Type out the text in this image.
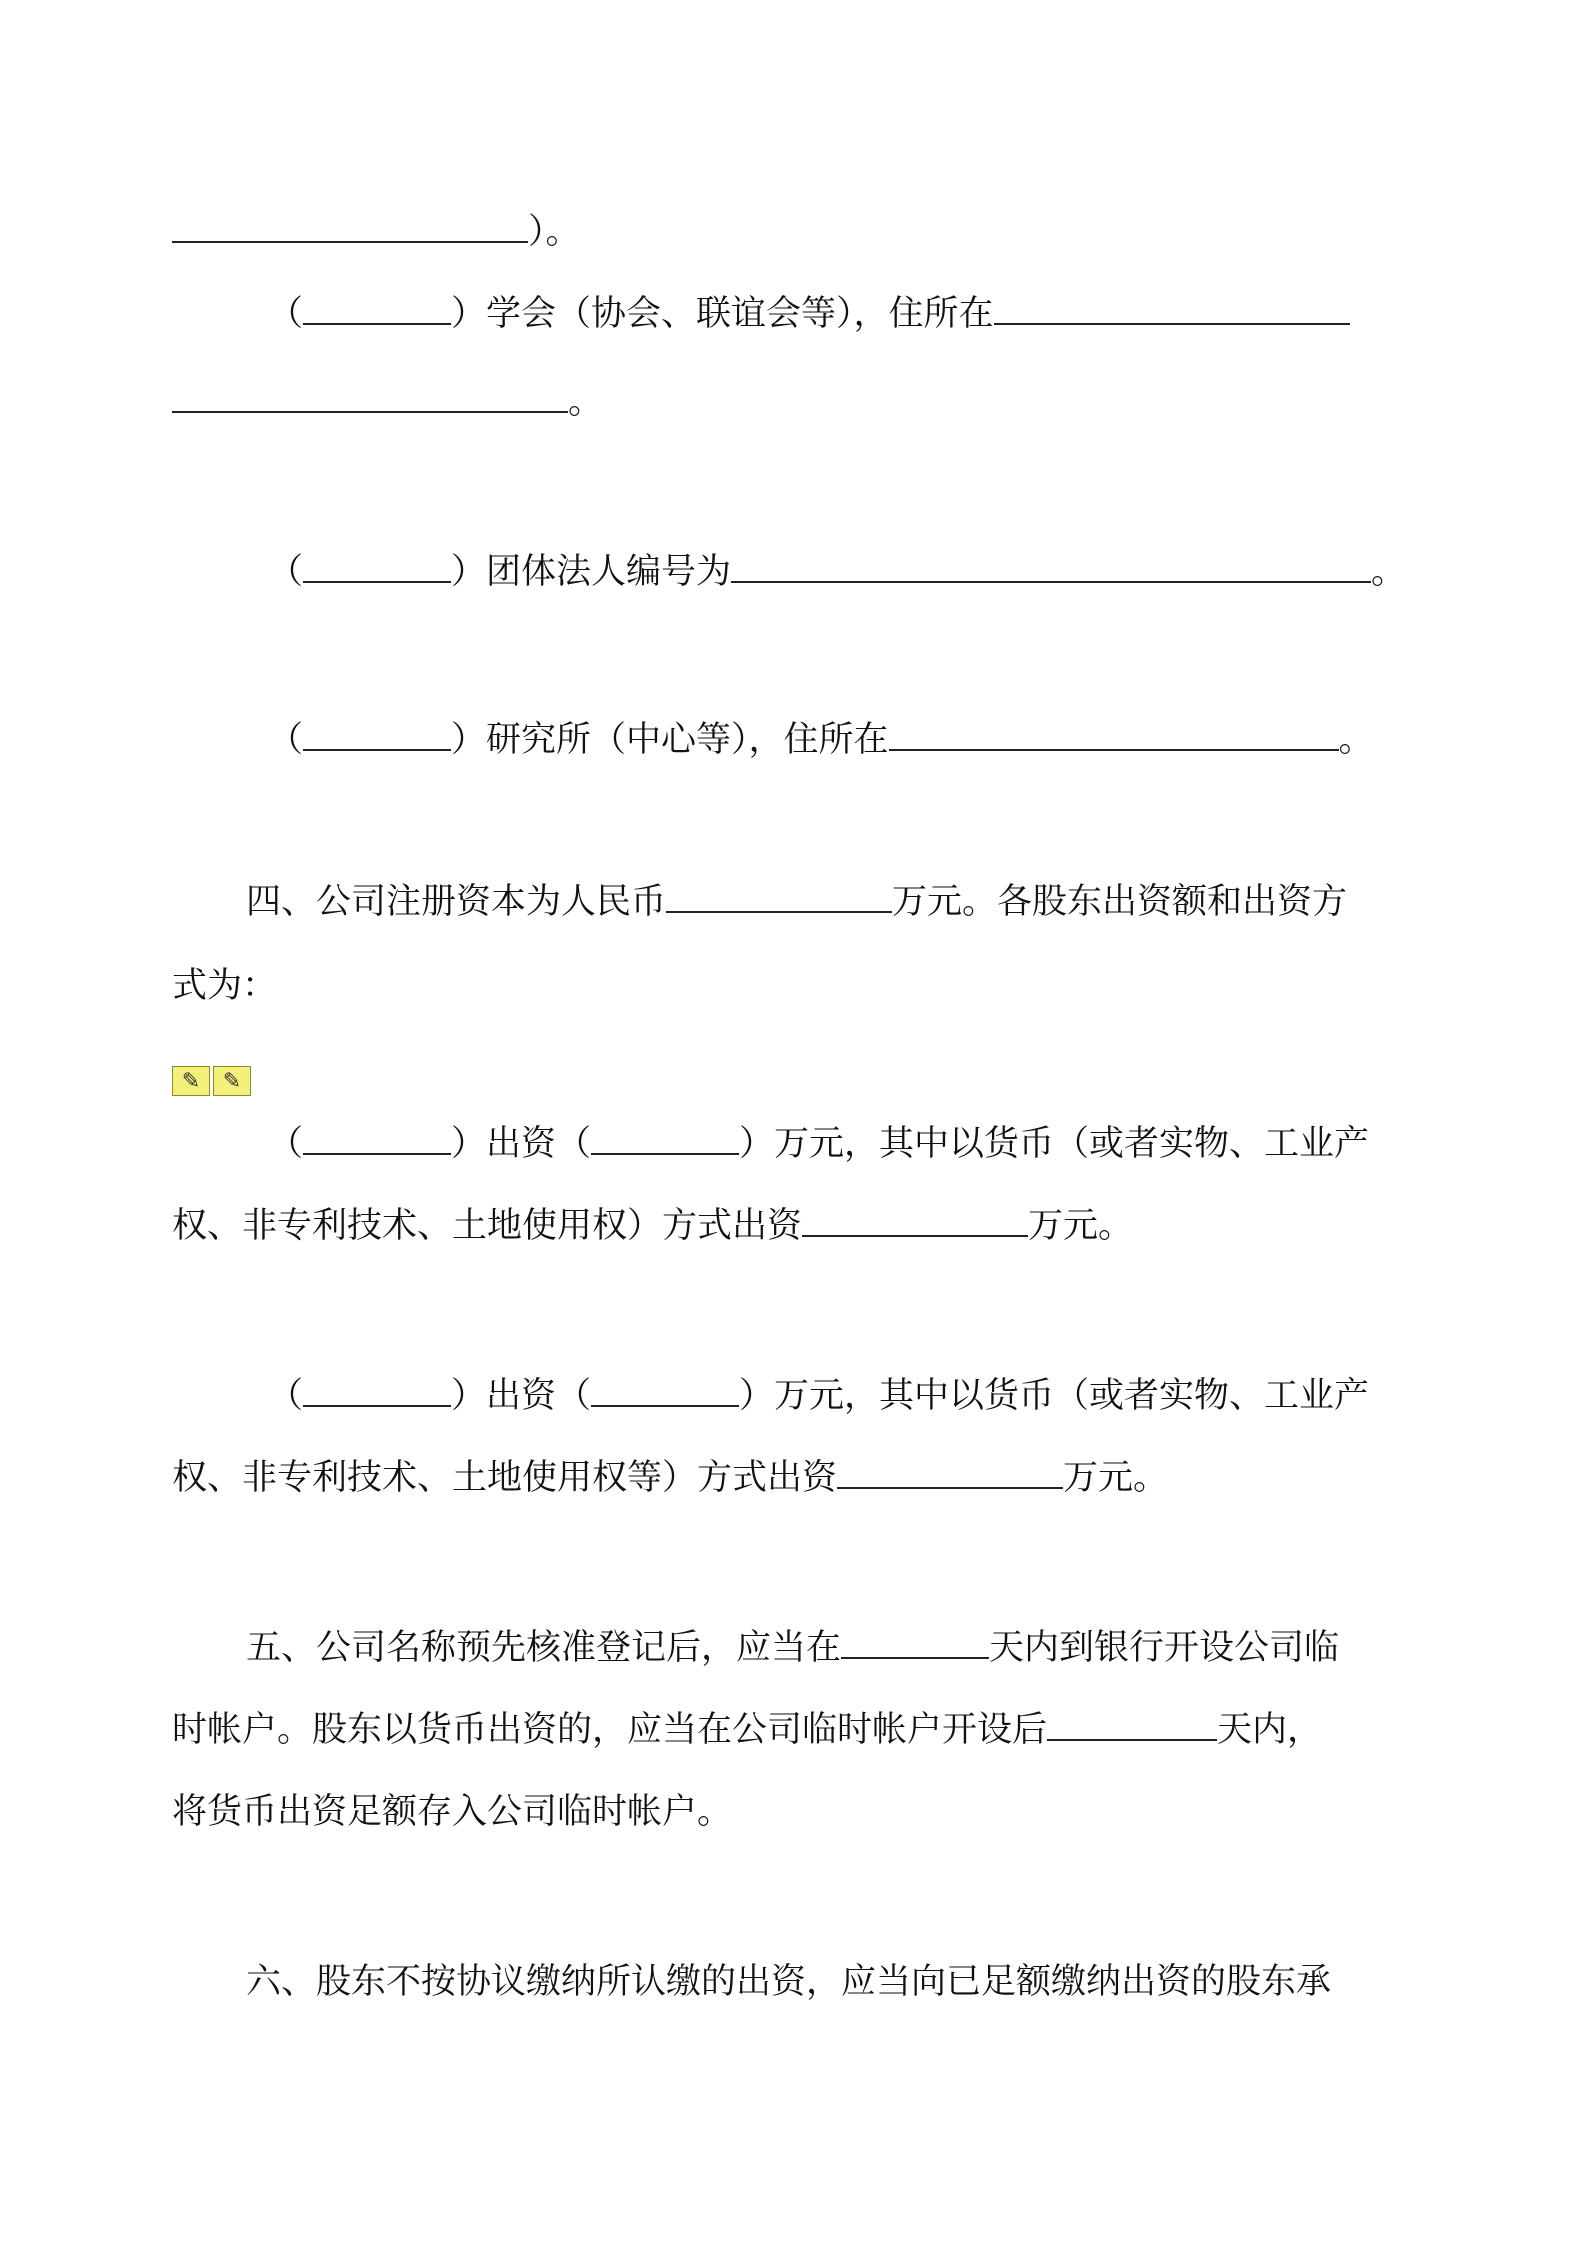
）。
（	）学会（协会、联谊会等），住所在
。
（	）团体法人编号为	。
（	）研究所（中心等），住所在	。
四、公司注册资本为人民币	万元。各股东出资额和出资方
式为：
✎	✎
（	）出资（	）万元，其中以货币（或者实物、工业产
权、非专利技术、土地使用权）方式出资	万元。
（	）出资（	）万元，其中以货币（或者实物、工业产
权、非专利技术、土地使用权等）方式出资	万元。
五、公司名称预先核准登记后，应当在	天内到银行开设公司临
时帐户。股东以货币出资的，应当在公司临时帐户开设后	天内，
将货币出资足额存入公司临时帐户。
六、股东不按协议缴纳所认缴的出资，应当向已足额缴纳出资的股东承
